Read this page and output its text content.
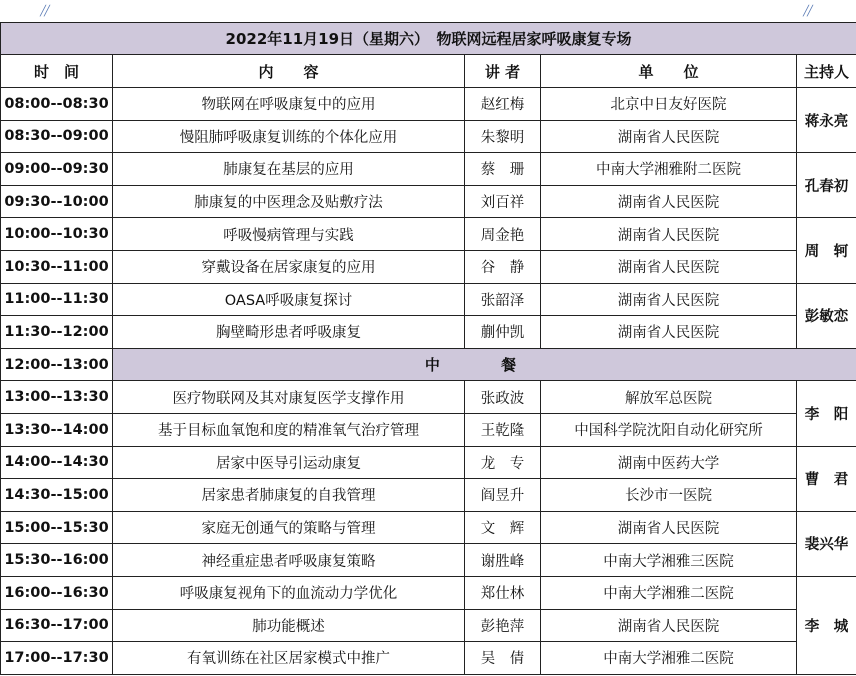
╱╱	╱╱
2022年11月19日（星期六）　物联网远程居家呼吸康复专场				
时　间	内　　容	讲 者	单　　位	主持人
08:00--08:30	物联网在呼吸康复中的应用	赵红梅	北京中日友好医院	蒋永亮
08:30--09:00	慢阻肺呼吸康复训练的个体化应用	朱黎明	湖南省人民医院	
09:00--09:30	肺康复在基层的应用	蔡　珊	中南大学湘雅附二医院	孔春初
09:30--10:00	肺康复的中医理念及贴敷疗法	刘百祥	湖南省人民医院	
10:00--10:30	呼吸慢病管理与实践	周金艳	湖南省人民医院	周　轲
10:30--11:00	穿戴设备在居家康复的应用	谷　静	湖南省人民医院	
11:00--11:30	OASA呼吸康复探讨	张韶泽	湖南省人民医院	彭敏恋
11:30--12:00	胸壁畸形患者呼吸康复	蒯仲凯	湖南省人民医院	
12:00--13:00	中 餐			
13:00--13:30	医疗物联网及其对康复医学支撑作用	张政波	解放军总医院	李　阳
13:30--14:00	基于目标血氧饱和度的精准氧气治疗管理	王乾隆	中国科学院沈阳自动化研究所	
14:00--14:30	居家中医导引运动康复	龙　专	湖南中医药大学	曹　君
14:30--15:00	居家患者肺康复的自我管理	阎昱升	长沙市一医院	
15:00--15:30	家庭无创通气的策略与管理	文　辉	湖南省人民医院	裴兴华
15:30--16:00	神经重症患者呼吸康复策略	谢胜峰	中南大学湘雅三医院	
16:00--16:30	呼吸康复视角下的血流动力学优化	郑仕林	中南大学湘雅二医院	李　城
16:30--17:00	肺功能概述	彭艳萍	湖南省人民医院	
17:00--17:30	有氧训练在社区居家模式中推广	吴　倩	中南大学湘雅二医院	
